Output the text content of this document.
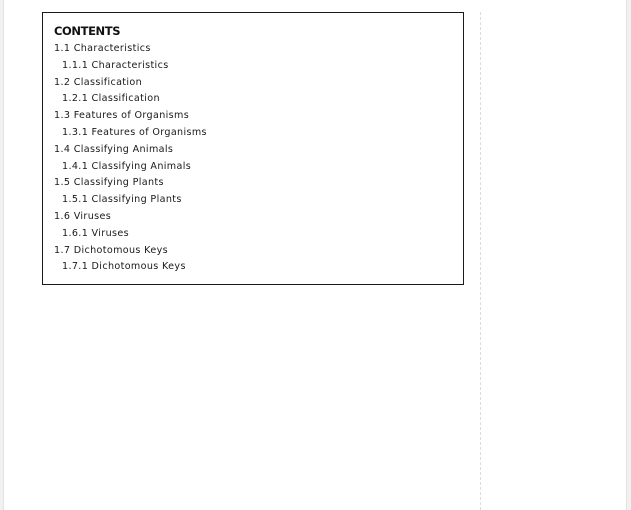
CONTENTS
1.1 Characteristics
1.1.1 Characteristics
1.2 Classification
1.2.1 Classification
1.3 Features of Organisms
1.3.1 Features of Organisms
1.4 Classifying Animals
1.4.1 Classifying Animals
1.5 Classifying Plants
1.5.1 Classifying Plants
1.6 Viruses
1.6.1 Viruses
1.7 Dichotomous Keys
1.7.1 Dichotomous Keys
